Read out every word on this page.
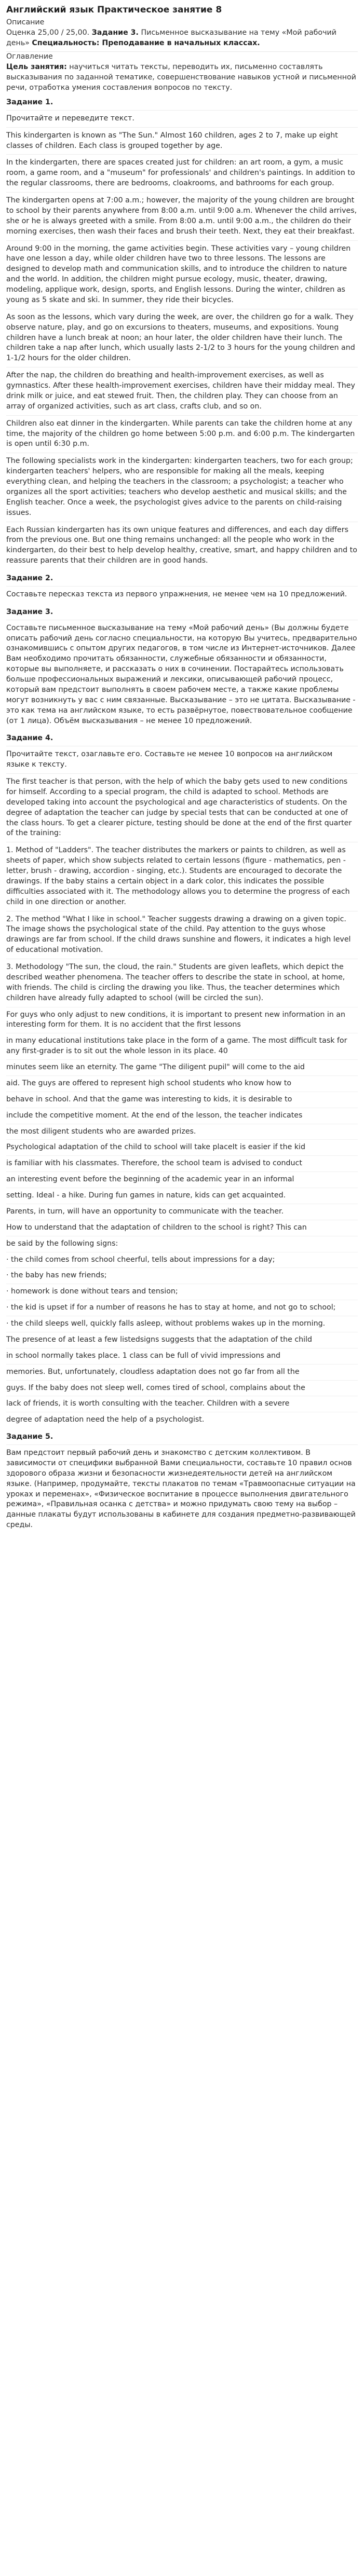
Английский язык Практическое занятие 8

Описание

Оценка 25,00 / 25,00. Задание 3. Письменное высказывание на тему «Мой рабочий день» Специальность: Преподавание в начальных классах.

Оглавление

Цель занятия: научиться читать тексты, переводить их, письменно составлять высказывания по заданной тематике, совершенствование навыков устной и письменной речи, отработка умения составления вопросов по тексту.

Задание 1.

Прочитайте и переведите текст.

This kindergarten is known as "The Sun." Almost 160 children, ages 2 to 7, make up eight classes of children. Each class is grouped together by age.

In the kindergarten, there are spaces created just for children: an art room, a gym, a music room, a game room, and a "museum" for professionals' and children's paintings. In addition to the regular classrooms, there are bedrooms, cloakrooms, and bathrooms for each group.

The kindergarten opens at 7:00 a.m.; however, the majority of the young children are brought to school by their parents anywhere from 8:00 a.m. until 9:00 a.m. Whenever the child arrives, she or he is always greeted with a smile. From 8:00 a.m. until 9:00 a.m., the children do their morning exercises, then wash their faces and brush their teeth. Next, they eat their breakfast.

Around 9:00 in the morning, the game activities begin. These activities vary – young children have one lesson a day, while older children have two to three lessons. The lessons are designed to develop math and communication skills, and to introduce the children to nature and the world. In addition, the children might pursue ecology, music, theater, drawing, modeling, applique work, design, sports, and English lessons. During the winter, children as young as 5 skate and ski. In summer, they ride their bicycles.

As soon as the lessons, which vary during the week, are over, the children go for a walk. They observe nature, play, and go on excursions to theaters, museums, and expositions. Young children have a lunch break at noon; an hour later, the older children have their lunch. The children take a nap after lunch, which usually lasts 2-1/2 to 3 hours for the young children and 1-1/2 hours for the older children.

After the nap, the children do breathing and health-improvement exercises, as well as gymnastics. After these health-improvement exercises, children have their midday meal. They drink milk or juice, and eat stewed fruit. Then, the children play. They can choose from an array of organized activities, such as art class, crafts club, and so on.

Children also eat dinner in the kindergarten. While parents can take the children home at any time, the majority of the children go home between 5:00 p.m. and 6:00 p.m. The kindergarten is open until 6:30 p.m.

The following specialists work in the kindergarten: kindergarten teachers, two for each group; kindergarten teachers' helpers, who are responsible for making all the meals, keeping everything clean, and helping the teachers in the classroom; a psychologist; a teacher who organizes all the sport activities; teachers who develop aesthetic and musical skills; and the English teacher. Once a week, the psychologist gives advice to the parents on child-raising issues.

Each Russian kindergarten has its own unique features and differences, and each day differs from the previous one. But one thing remains unchanged: all the people who work in the kindergarten, do their best to help develop healthy, creative, smart, and happy children and to reassure parents that their children are in good hands.

Задание 2.

Составьте пересказ текста из первого упражнения, не менее чем на 10 предложений.

Задание 3.

Составьте письменное высказывание на тему «Мой рабочий день» (Вы должны будете описать рабочий день согласно специальности, на которую Вы учитесь, предварительно ознакомившись с опытом других педагогов, в том числе из Интернет-источников. Далее Вам необходимо прочитать обязанности, служебные обязанности и обязанности, которые вы выполняете, и рассказать о них в сочинении. Постарайтесь использовать больше профессиональных выражений и лексики, описывающей рабочий процесс, который вам предстоит выполнять в своем рабочем месте, а также какие проблемы могут возникнуть у вас с ним связанные. Высказывание – это не цитата. Высказывание - это как тема на английском языке, то есть развёрнутое, повествовательное сообщение (от 1 лица). Объём высказывания – не менее 10 предложений.

Задание 4.

Прочитайте текст, озаглавьте его. Составьте не менее 10 вопросов на английском языке к тексту.

The first teacher is that person, with the help of which the baby gets used to new conditions for himself. According to a special program, the child is adapted to school. Methods are developed taking into account the psychological and age characteristics of students. On the degree of adaptation the teacher can judge by special tests that can be conducted at one of the class hours. To get a clearer picture, testing should be done at the end of the first quarter of the training:

1. Method of "Ladders". The teacher distributes the markers or paints to children, as well as sheets of paper, which show subjects related to certain lessons (figure - mathematics, pen - letter, brush - drawing, accordion - singing, etc.). Students are encouraged to decorate the drawings. If the baby stains a certain object in a dark color, this indicates the possible difficulties associated with it. The methodology allows you to determine the progress of each child in one direction or another.

2. The method "What I like in school." Teacher suggests drawing a drawing on a given topic. The image shows the psychological state of the child. Pay attention to the guys whose drawings are far from school. If the child draws sunshine and flowers, it indicates a high level of educational motivation.

3. Methodology "The sun, the cloud, the rain." Students are given leaflets, which depict the described weather phenomena. The teacher offers to describe the state in school, at home, with friends. The child is circling the drawing you like. Thus, the teacher determines which children have already fully adapted to school (will be circled the sun).

For guys who only adjust to new conditions, it is important to present new information in an interesting form for them. It is no accident that the first lessons

in many educational institutions take place in the form of a game. The most difficult task for any first-grader is to sit out the whole lesson in its place. 40

minutes seem like an eternity. The game "The diligent pupil" will come to the aid

aid. The guys are offered to represent high school students who know how to

behave in school. And that the game was interesting to kids, it is desirable to

include the competitive moment. At the end of the lesson, the teacher indicates

the most diligent students who are awarded prizes.

Psychological adaptation of the child to school will take placeIt is easier if the kid

is familiar with his classmates. Therefore, the school team is advised to conduct

an interesting event before the beginning of the academic year in an informal

setting. Ideal - a hike. During fun games in nature, kids can get acquainted.

Parents, in turn, will have an opportunity to communicate with the teacher.

How to understand that the adaptation of children to the school is right? This can

be said by the following signs:

· the child comes from school cheerful, tells about impressions for a day;

· the baby has new friends;

· homework is done without tears and tension;

· the kid is upset if for a number of reasons he has to stay at home, and not go to school;

· the child sleeps well, quickly falls asleep, without problems wakes up in the morning.

The presence of at least a few listedsigns suggests that the adaptation of the child

in school normally takes place. 1 class can be full of vivid impressions and

memories. But, unfortunately, cloudless adaptation does not go far from all the

guys. If the baby does not sleep well, comes tired of school, complains about the

lack of friends, it is worth consulting with the teacher. Children with a severe

degree of adaptation need the help of a psychologist.

Задание 5.

Вам предстоит первый рабочий день и знакомство с детским коллективом. В зависимости от специфики выбранной Вами специальности, составьте 10 правил основ здорового образа жизни и безопасности жизнедеятельности детей на английском языке. (Например, продумайте, тексты плакатов по темам «Травмоопасные ситуации на уроках и переменах», «Физическое воспитание в процессе выполнения двигательного режима», «Правильная осанка с детства» и можно придумать свою тему на выбор – данные плакаты будут использованы в кабинете для создания предметно-развивающей среды.
